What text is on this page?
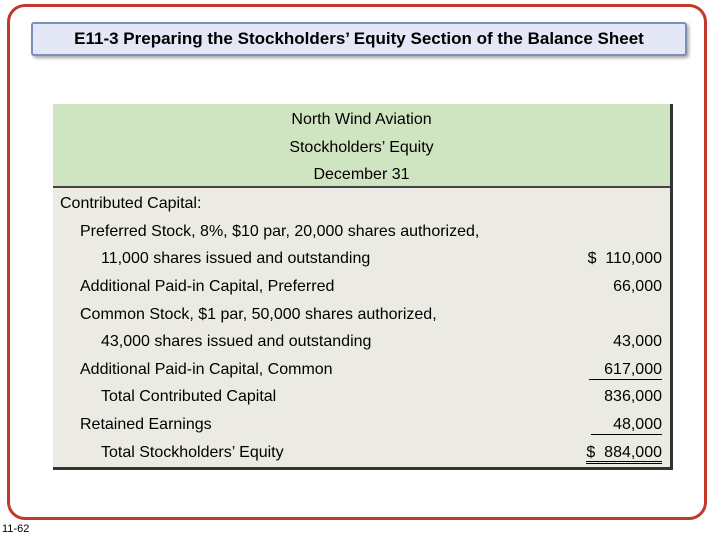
E11-3 Preparing the Stockholders’ Equity Section of the Balance Sheet
North Wind Aviation
Stockholders’ Equity
December 31
Contributed Capital:
Preferred Stock, 8%, $10 par, 20,000 shares authorized,
11,000 shares issued and outstanding	$  110,000
Additional Paid-in Capital, Preferred	66,000
Common Stock, $1 par, 50,000 shares authorized,
43,000 shares issued and outstanding	43,000
Additional Paid-in Capital, Common	617,000
Total Contributed Capital	836,000
Retained Earnings	48,000
Total Stockholders’ Equity	$  884,000
11-62
